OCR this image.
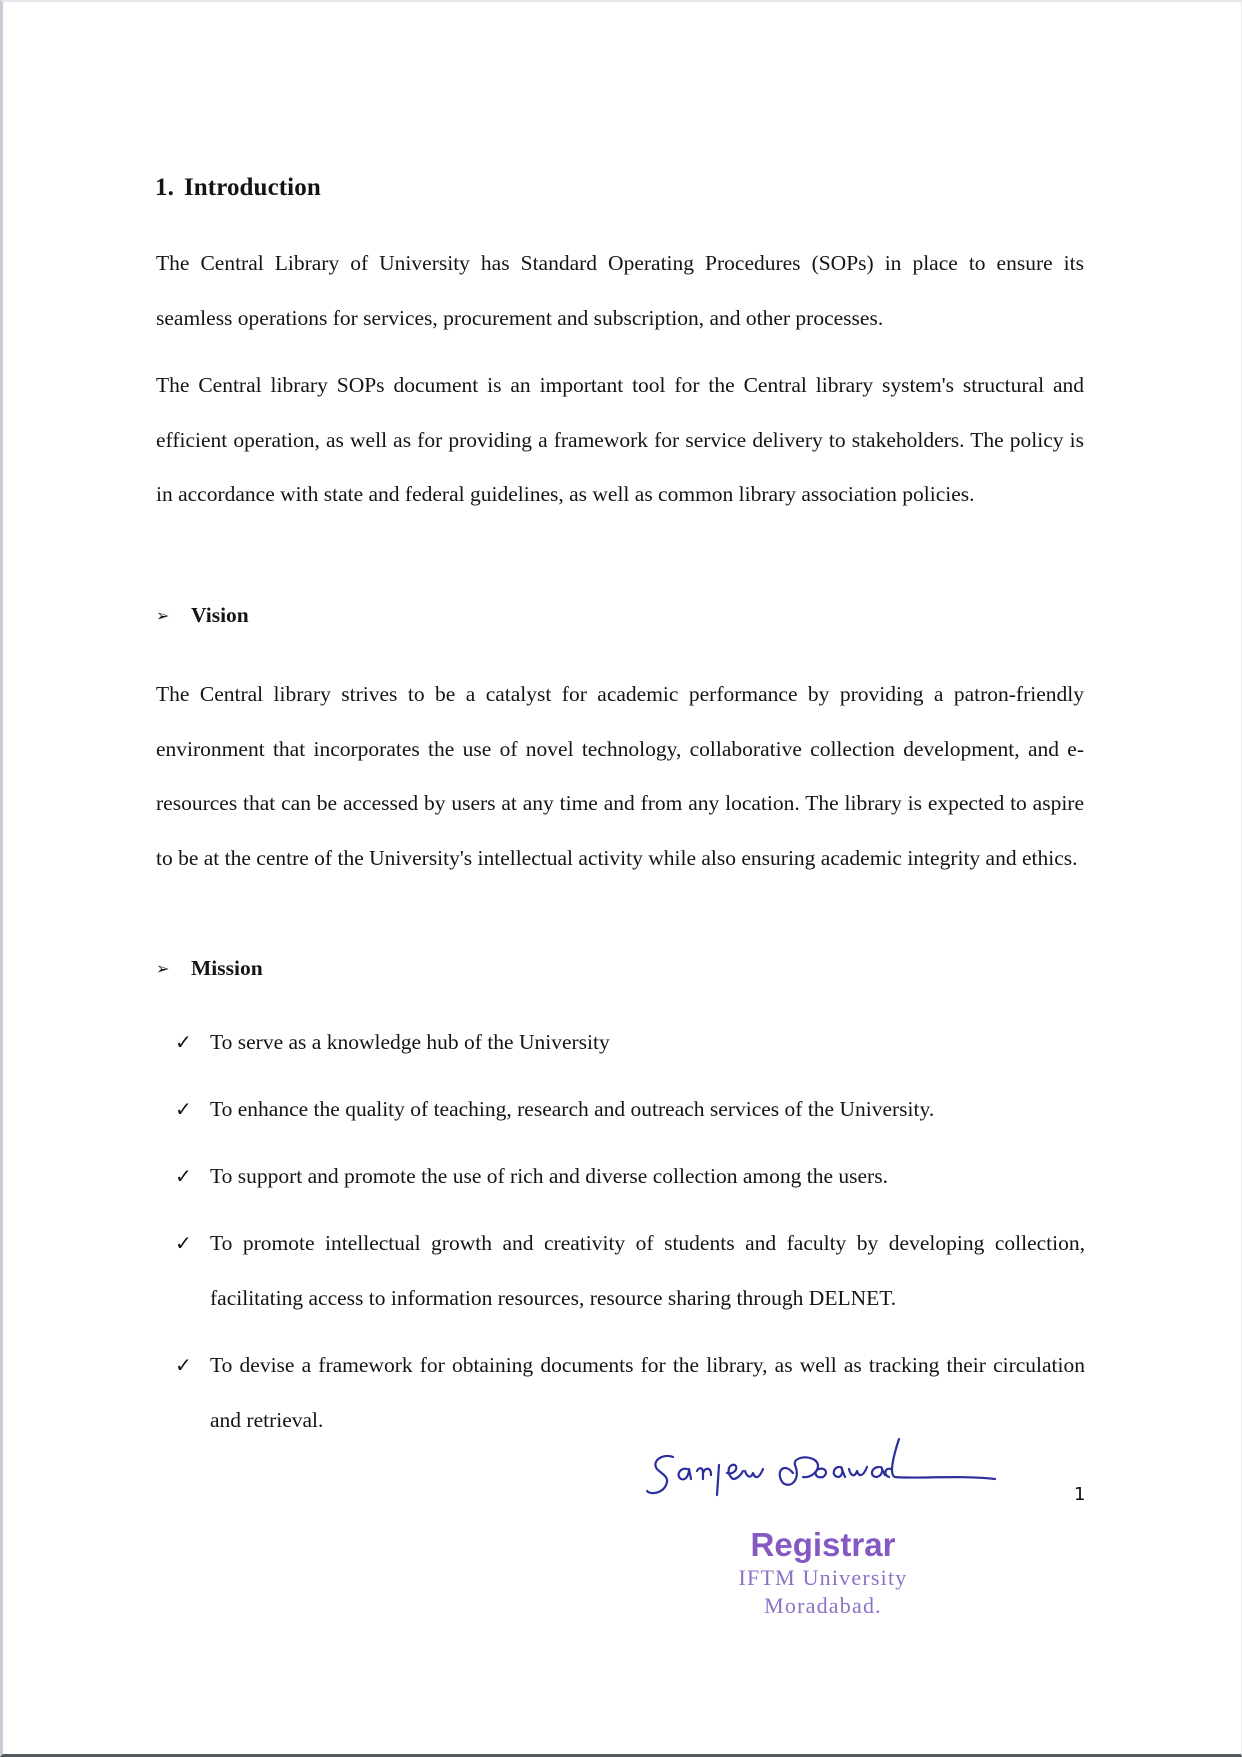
1. Introduction

The Central Library of University has Standard Operating Procedures (SOPs) in place to ensure its seamless operations for services, procurement and subscription, and other processes.

The Central library SOPs document is an important tool for the Central library system's structural and efficient operation, as well as for providing a framework for service delivery to stakeholders. The policy is in accordance with state and federal guidelines, as well as common library association policies.

➢	Vision

The Central library strives to be a catalyst for academic performance by providing a patron-friendly environment that incorporates the use of novel technology, collaborative collection development, and e-resources that can be accessed by users at any time and from any location. The library is expected to aspire to be at the centre of the University's intellectual activity while also ensuring academic integrity and ethics.

➢	Mission
✓ To serve as a knowledge hub of the University
✓ To enhance the quality of teaching, research and outreach services of the University.
✓ To support and promote the use of rich and diverse collection among the users.
✓ To promote intellectual growth and creativity of students and faculty by developing collection, facilitating access to information resources, resource sharing through DELNET.
✓ To devise a framework for obtaining documents for the library, as well as tracking their circulation and retrieval.
1
Registrar
IFTM University
Moradabad.
